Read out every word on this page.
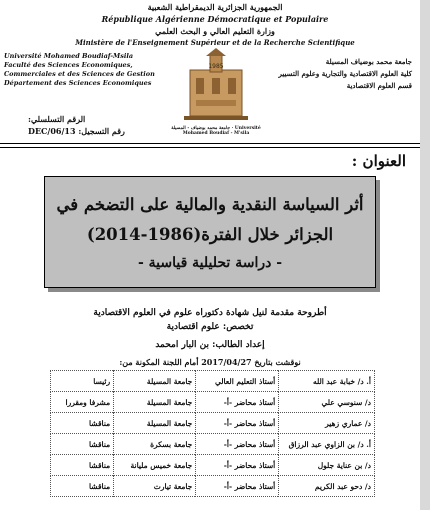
الجمهورية الجزائرية الديمقراطية الشعبية
République Algérienne Démocratique et Populaire
وزارة التعليم العالي و البحث العلمي
Ministère de l'Enseignement Supérieur et de la Recherche Scientifique
Université Mohamed Boudiaf-Msila
Faculté des Sciences Economiques,
Commerciales et des Sciences de Gestion
Département des Sciences Economiques
جامعة محمد بوضياف المسيلة
كلية العلوم الاقتصادية والتجارية وعلوم التسيير
قسم العلوم الاقتصادية
1985
جامعة محمد بوضياف - المسيلة · Université Mohamed Boudiaf - M'sila
الرقم التسلسلي:
DEC/06/13 رقم التسجيل:
العنوان :
أثر السياسة النقدية والمالية على التضخم في
الجزائر خلال الفترة(1986-2014)
- دراسة تحليلية قياسية -
أطروحة مقدمة لنيل شهادة دكتوراه علوم في العلوم الاقتصادية
تخصص: علوم اقتصادية
إعداد الطالب: بن البار امحمد
نوقشت بتاريخ 2017/04/27 أمام اللجنة المكونة من:
أ. د/ خبابة عبد الله	أستاذ التعليم العالي	جامعة المسيلة	رئيسا
د/ سنوسي علي	أستاذ محاضر -أ-	جامعة المسيلة	مشرفا ومقررا
د/ عماري زهير	أستاذ محاضر -أ-	جامعة المسيلة	مناقشا
أ. د/ بن الزاوي عبد الرزاق	أستاذ محاضر -أ-	جامعة بسكرة	مناقشا
د/ بن عناية جلول	أستاذ محاضر -أ-	جامعة خميس مليانة	مناقشا
د/ دحو عبد الكريم	أستاذ محاضر -أ-	جامعة تيارت	مناقشا
